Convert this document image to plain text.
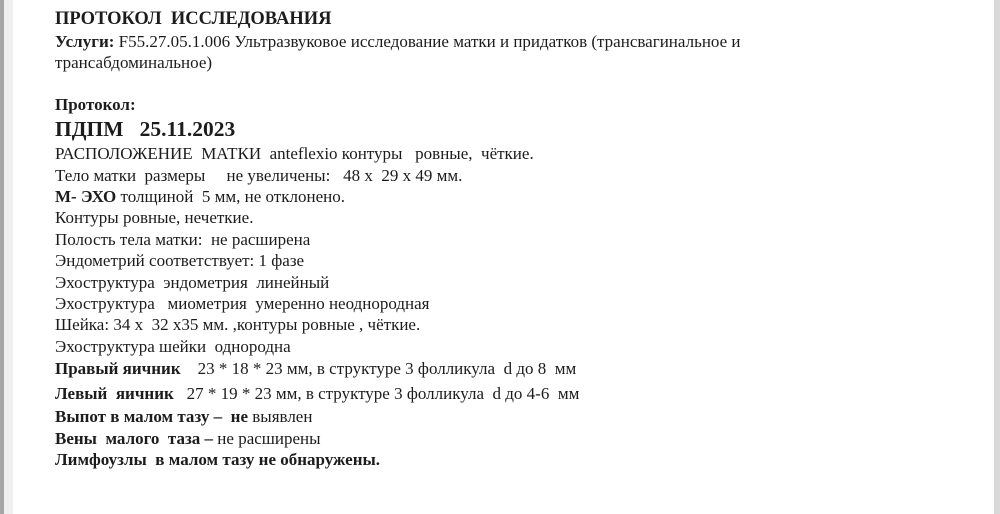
ПРОТОКОЛ  ИССЛЕДОВАНИЯ
Услуги: F55.27.05.1.006 Ультразвуковое исследование матки и придатков (трансвагинальное и
трансабдоминальное)
Протокол:
ПДПМ   25.11.2023
РАСПОЛОЖЕНИЕ  МАТКИ  anteflexio контуры   ровные,  чёткие.
Тело матки  размеры     не увеличены:   48 х  29 х 49 мм.
М- ЭХО толщиной  5 мм, не отклонено.
Контуры ровные, нечеткие.
Полость тела матки:  не расширена
Эндометрий соответствует: 1 фазе
Эхоструктура  эндометрия  линейный
Эхоструктура   миометрия  умеренно неоднородная
Шейка: 34 х  32 х35 мм. ,контуры ровные , чёткие.
Эхоструктура шейки  однородна
Правый яичник    23 * 18 * 23 мм, в структуре 3 фолликула  d до 8  мм
Левый  яичник   27 * 19 * 23 мм, в структуре 3 фолликула  d до 4-6  мм
Выпот в малом тазу –  не выявлен
Вены  малого  таза – не расширены
Лимфоузлы  в малом тазу не обнаружены.
